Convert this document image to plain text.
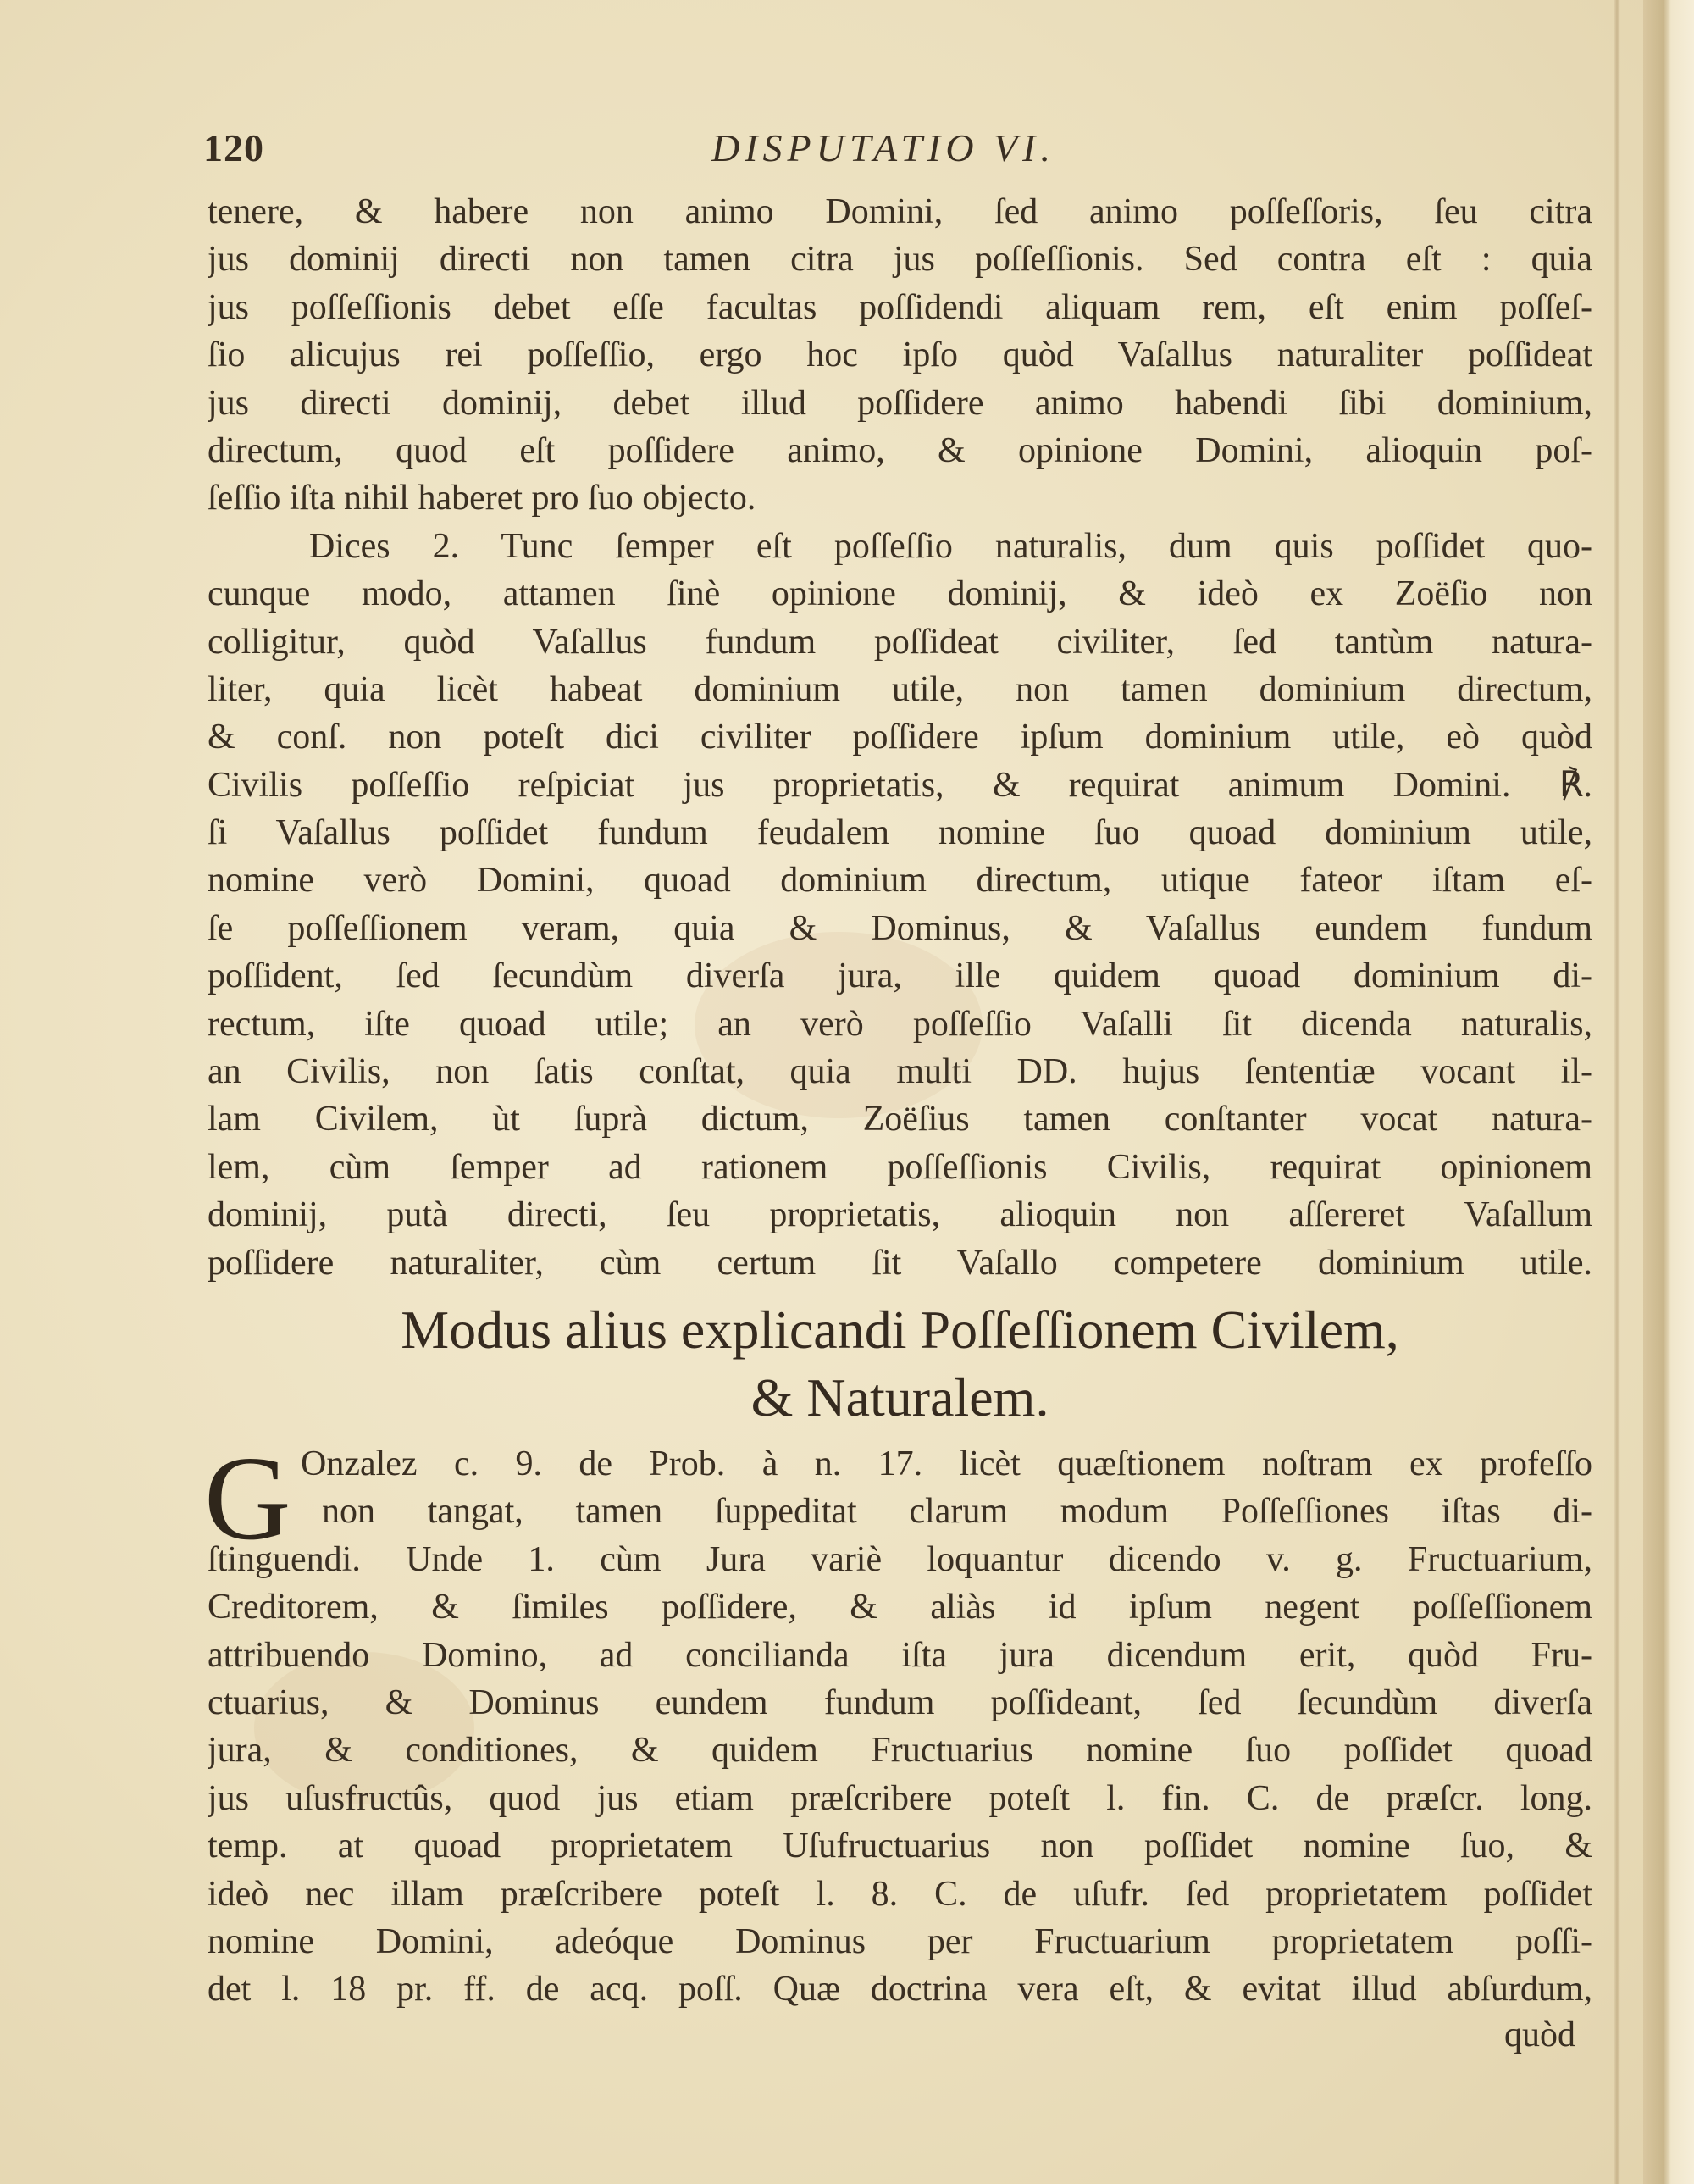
120	DISPUTATIO VI.
tenere, & habere non animo Domini, ſed animo poſſeſſoris, ſeu citra
jus dominij directi non tamen citra jus poſſeſſionis. Sed contra eſt : quia
jus poſſeſſionis debet eſſe facultas poſſidendi aliquam rem, eſt enim poſſeſ-
ſio alicujus rei poſſeſſio, ergo hoc ipſo quòd Vaſallus naturaliter poſſideat
jus directi dominij, debet illud poſſidere animo habendi ſibi dominium,
directum, quod eſt poſſidere animo, & opinione Domini, alioquin poſ-
ſeſſio iſta nihil haberet pro ſuo objecto.
Dices 2. Tunc ſemper eſt poſſeſſio naturalis, dum quis poſſidet quo-
cunque modo, attamen ſinè opinione dominij, & ideò ex Zoëſio non
colligitur, quòd Vaſallus fundum poſſideat civiliter, ſed tantùm natura-
liter, quia licèt habeat dominium utile, non tamen dominium directum,
& conſ. non poteſt dici civiliter poſſidere ipſum dominium utile, eò quòd
Civilis poſſeſſio reſpiciat jus proprietatis, & requirat animum Domini. ℟.
ſi Vaſallus poſſidet fundum feudalem nomine ſuo quoad dominium utile,
nomine verò Domini, quoad dominium directum, utique fateor iſtam eſ-
ſe poſſeſſionem veram, quia & Dominus, & Vaſallus eundem fundum
poſſident, ſed ſecundùm diverſa jura, ille quidem quoad dominium di-
rectum, iſte quoad utile; an verò poſſeſſio Vaſalli ſit dicenda naturalis,
an Civilis, non ſatis conſtat, quia multi DD. hujus ſententiæ vocant il-
lam Civilem, ùt ſuprà dictum, Zoëſius tamen conſtanter vocat natura-
lem, cùm ſemper ad rationem poſſeſſionis Civilis, requirat opinionem
dominij, putà directi, ſeu proprietatis, alioquin non aſſereret Vaſallum
poſſidere naturaliter, cùm certum ſit Vaſallo competere dominium utile.
Modus alius explicandi Poſſeſſionem Civilem,
& Naturalem.
G Onzalez c. 9. de Prob. à n. 17. licèt quæſtionem noſtram ex profeſſo
non tangat, tamen ſuppeditat clarum modum Poſſeſſiones iſtas di-
ſtinguendi. Unde 1. cùm Jura variè loquantur dicendo v. g. Fructuarium,
Creditorem, & ſimiles poſſidere, & aliàs id ipſum negent poſſeſſionem
attribuendo Domino, ad concilianda iſta jura dicendum erit, quòd Fru-
ctuarius, & Dominus eundem fundum poſſideant, ſed ſecundùm diverſa
jura, & conditiones, & quidem Fructuarius nomine ſuo poſſidet quoad
jus uſusfructûs, quod jus etiam præſcribere poteſt l. fin. C. de præſcr. long.
temp. at quoad proprietatem Uſufructuarius non poſſidet nomine ſuo, &
ideò nec illam præſcribere poteſt l. 8. C. de uſufr. ſed proprietatem poſſidet
nomine Domini, adeóque Dominus per Fructuarium proprietatem poſſi-
det l. 18 pr. ff. de acq. poſſ. Quæ doctrina vera eſt, & evitat illud abſurdum,
quòd
